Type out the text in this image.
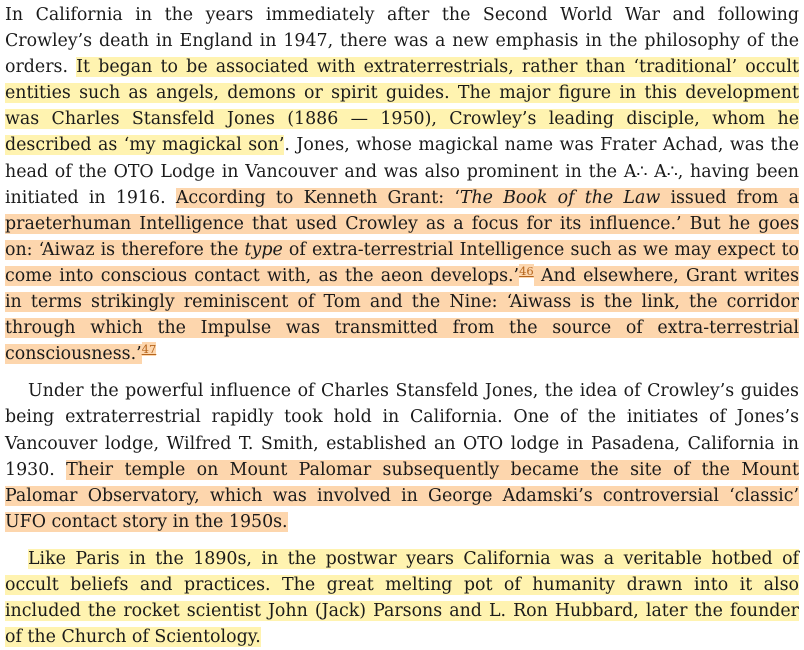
In California in the years immediately after the Second World War and following Crowley’s death in England in 1947, there was a new emphasis in the philosophy of the orders. It began to be associated with extraterrestrials, rather than ‘traditional’ occult entities such as angels, demons or spirit guides. The major figure in this development was Charles Stansfeld Jones (1886 — 1950), Crowley’s leading disciple, whom he described as ‘my magickal son’. Jones, whose magickal name was Frater Achad, was the head of the OTO Lodge in Vancouver and was also prominent in the A∴ A∴, having been initiated in 1916. According to Kenneth Grant: ‘The Book of the Law issued from a praeterhuman Intelligence that used Crowley as a focus for its influence.’ But he goes on: ‘Aiwaz is therefore the type of extra-terrestrial Intelligence such as we may expect to come into conscious contact with, as the aeon develops.’$^{46}$ And elsewhere, Grant writes in terms strikingly reminiscent of Tom and the Nine: ‘Aiwass is the link, the corridor through which the Impulse was transmitted from the source of extra-terrestrial consciousness.’$^{47}$

Under the powerful influence of Charles Stansfeld Jones, the idea of Crowley’s guides being extraterrestrial rapidly took hold in California. One of the initiates of Jones’s Vancouver lodge, Wilfred T. Smith, established an OTO lodge in Pasadena, California in 1930. Their temple on Mount Palomar subsequently became the site of the Mount Palomar Observatory, which was involved in George Adamski’s controversial ‘classic’ UFO contact story in the 1950s.

Like Paris in the 1890s, in the postwar years California was a veritable hotbed of occult beliefs and practices. The great melting pot of humanity drawn into it also included the rocket scientist John (Jack) Parsons and L. Ron Hubbard, later the founder of the Church of Scientology.
